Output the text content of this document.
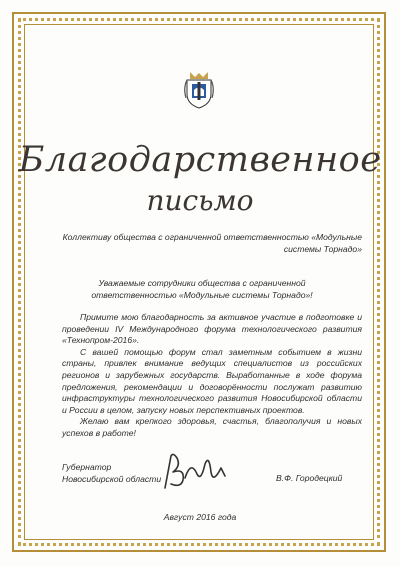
Благодарственное
письмо
Коллективу общества с ограниченной ответственностью «Модульные системы Торнадо»
Уважаемые сотрудники общества с ограниченной ответственностью «Модульные системы Торнадо»!

Примите мою благодарность за активное участие в подготовке и проведении IV Международного форума технологического развития «Технопром-2016».

С вашей помощью форум стал заметным событием в жизни страны, привлек внимание ведущих специалистов из российских регионов и зарубежных государств. Выработанные в ходе форума предложения, рекомендации и договорённости послужат развитию инфраструктуры технологического развития Новосибирской области и России в целом, запуску новых перспективных проектов.

Желаю вам крепкого здоровья, счастья, благополучия и новых успехов в работе!

Губернатор
Новосибирской области	В.Ф. Городецкий
Август 2016 года
